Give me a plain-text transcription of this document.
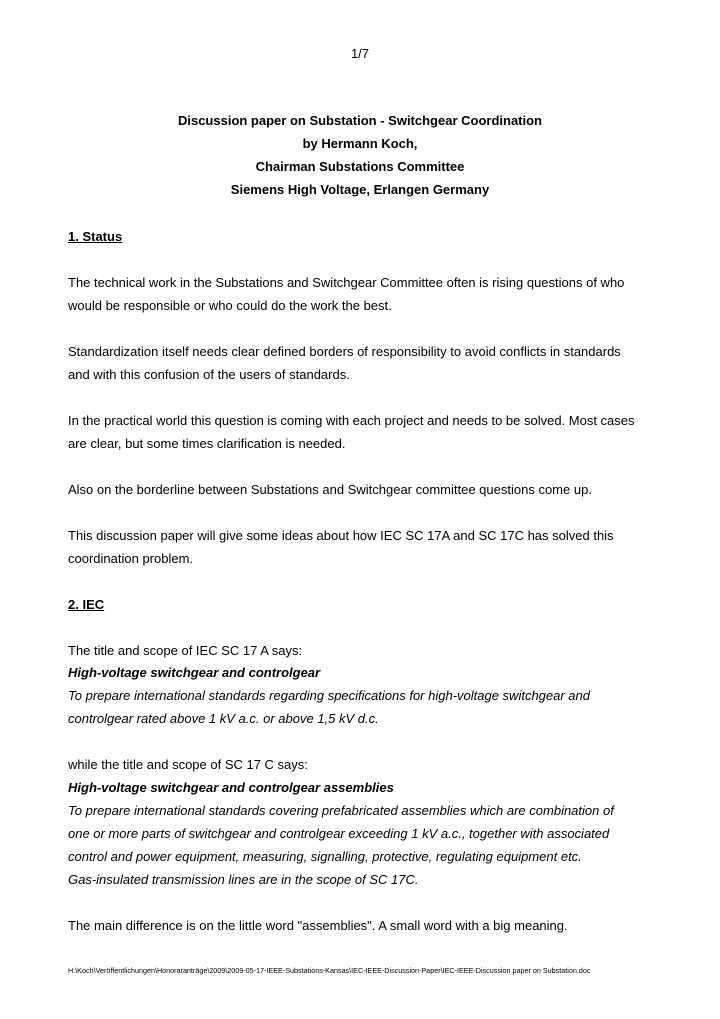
1/7
Discussion paper on Substation - Switchgear Coordination
by Hermann Koch,
Chairman Substations Committee
Siemens High Voltage, Erlangen Germany
1. Status
The technical work in the Substations and Switchgear Committee often is rising questions of who
would be responsible or who could do the work the best.
Standardization itself needs clear defined borders of responsibility to avoid conflicts in standards
and with this confusion of the users of standards.
In the practical world this question is coming with each project and needs to be solved. Most cases
are clear, but some times clarification is needed.
Also on the borderline between Substations and Switchgear committee questions come up.
This discussion paper will give some ideas about how IEC SC 17A and SC 17C has solved this
coordination problem.
2. IEC
The title and scope of IEC SC 17 A says:
High-voltage switchgear and controlgear
To prepare international standards regarding specifications for high-voltage switchgear and
controlgear rated above 1 kV a.c. or above 1,5 kV d.c.
while the title and scope of SC 17 C says:
High-voltage switchgear and controlgear assemblies
To prepare international standards covering prefabricated assemblies which are combination of
one or more parts of switchgear and controlgear exceeding 1 kV a.c., together with associated
control and power equipment, measuring, signalling, protective, regulating equipment etc.
Gas-insulated transmission lines are in the scope of SC 17C.
The main difference is on the little word "assemblies". A small word with a big meaning.
H:\Koch\Veröffentlichungen\Honoraranträge\2009\2009-05-17-IEEE-Substations-Kansas\IEC-IEEE-Discussion-Paper\IEC-IEEE-Discussion paper on Substation.doc
